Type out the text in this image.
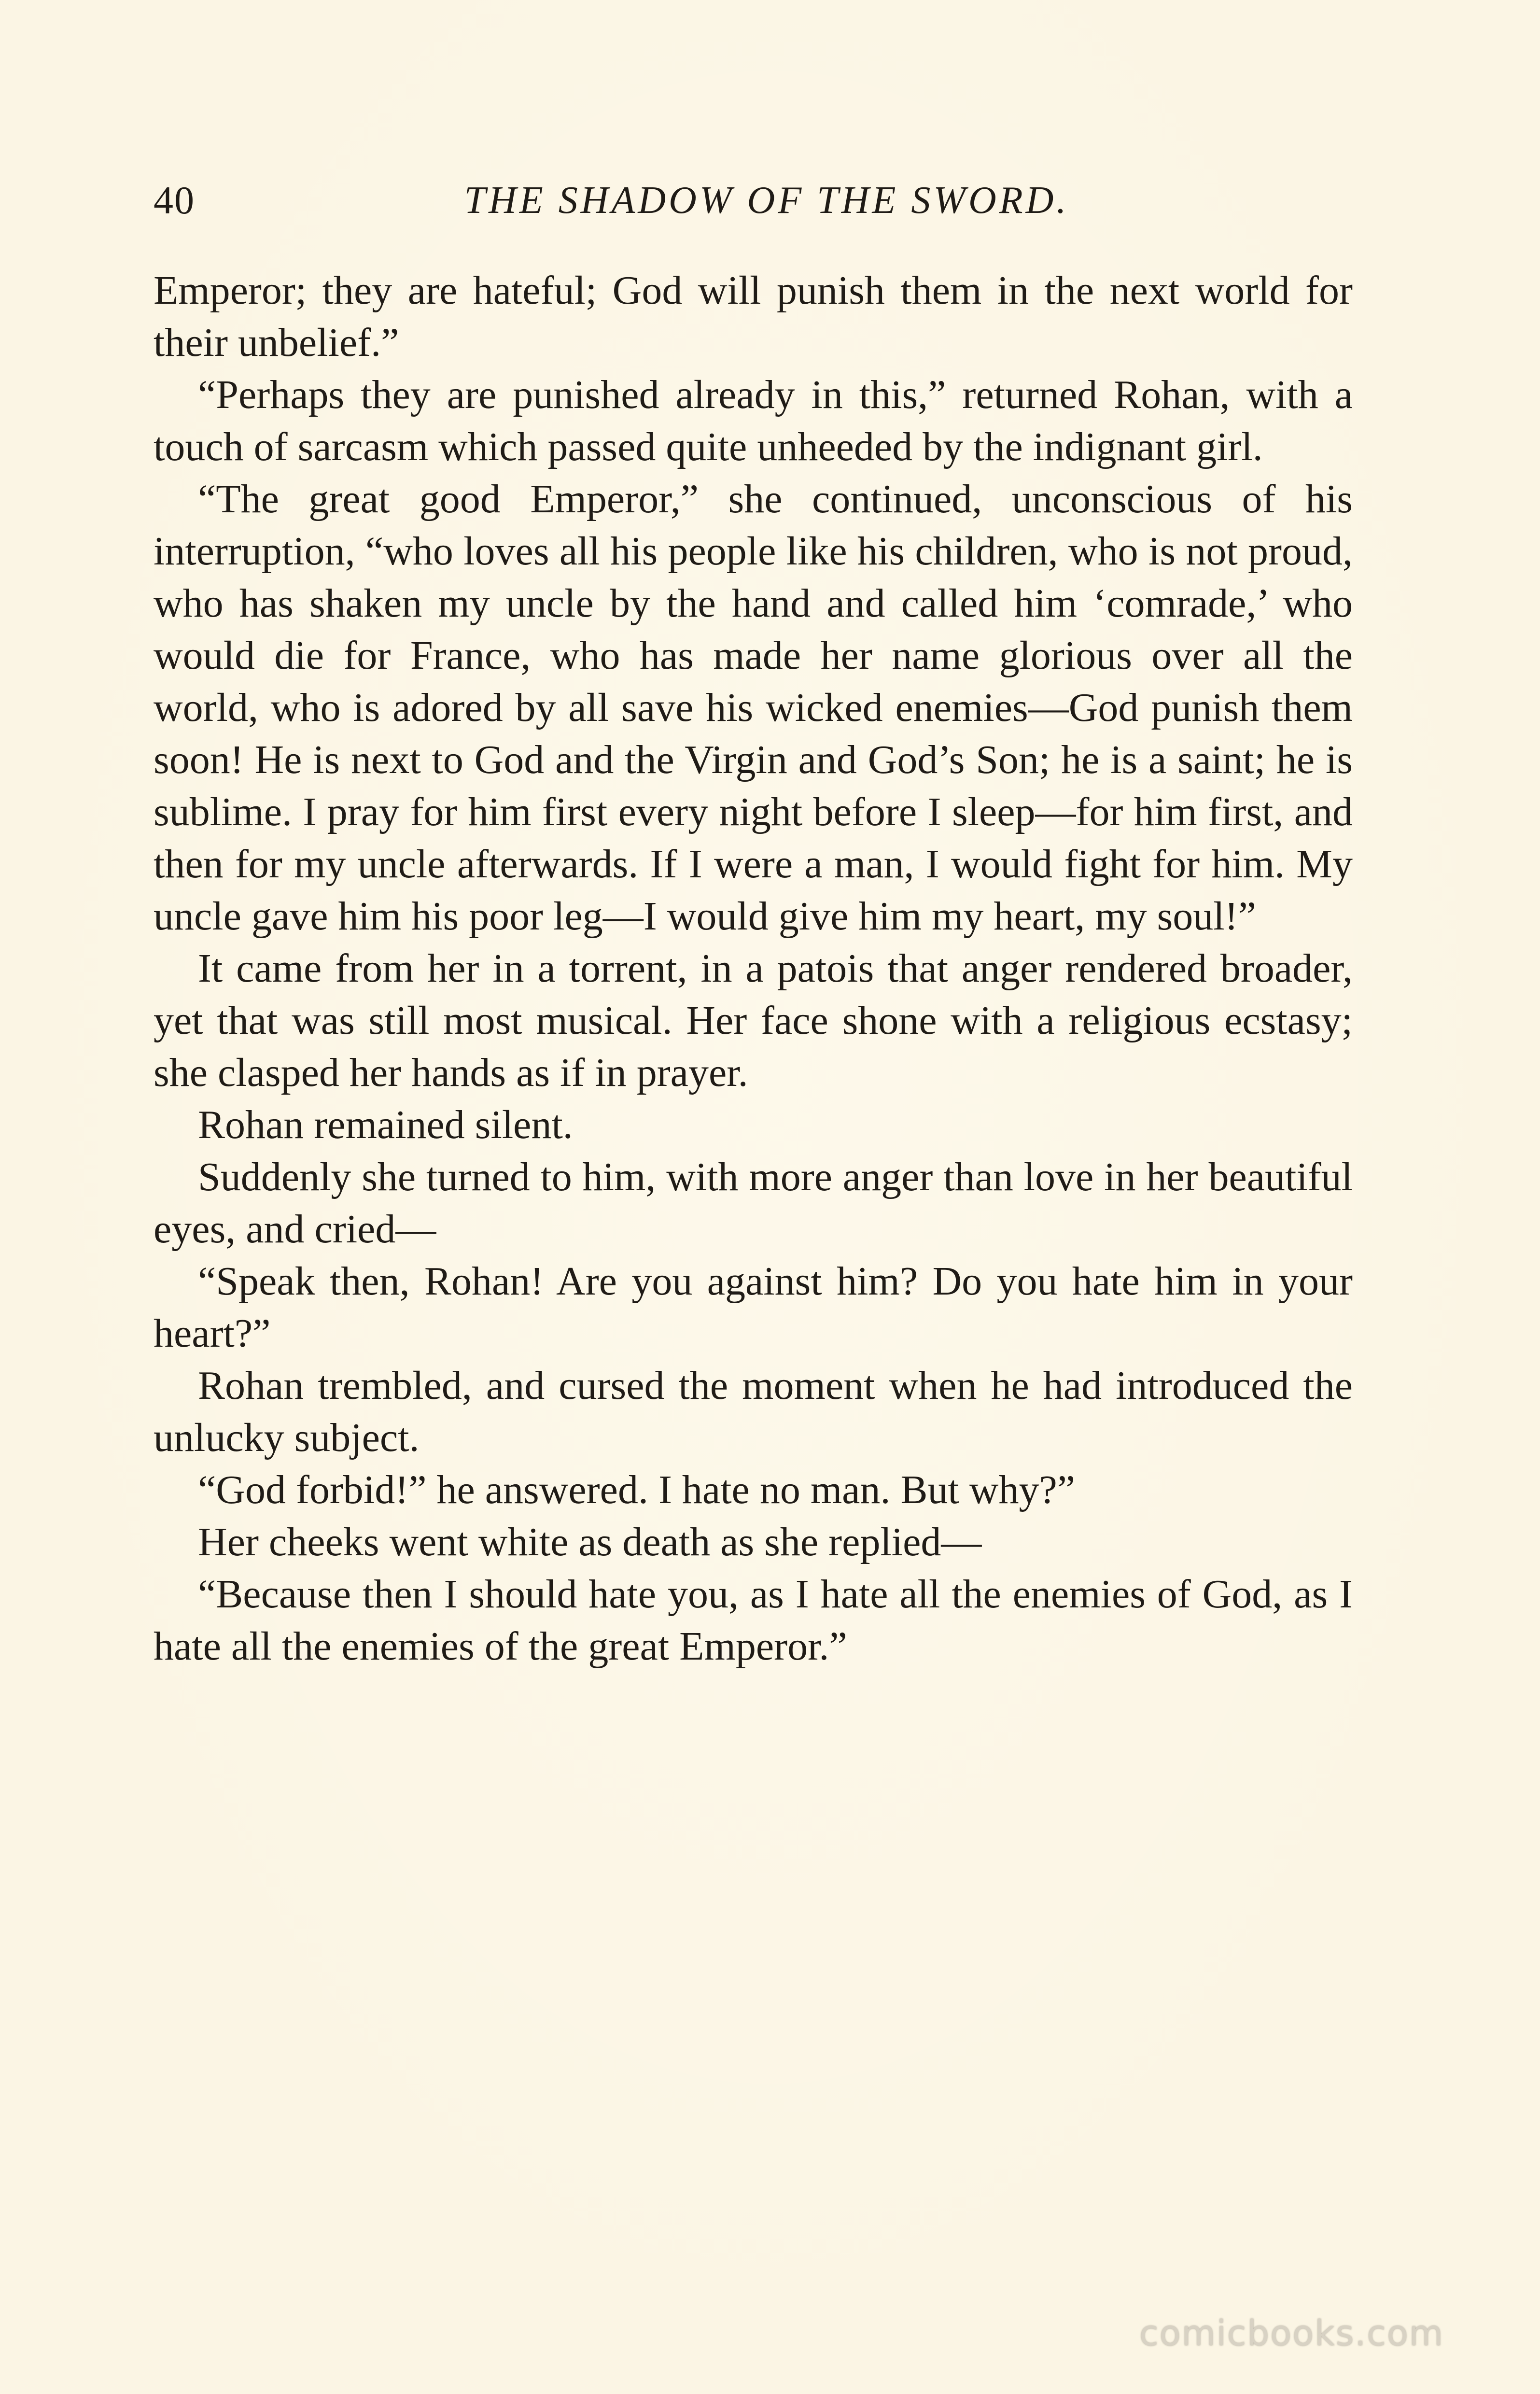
40	THE SHADOW OF THE SWORD.

Emperor; they are hateful; God will punish them in the next world for their unbelief.”

“Perhaps they are punished already in this,” returned Rohan, with a touch of sarcasm which passed quite unheeded by the indignant girl.

“The great good Emperor,” she continued, unconscious of his interruption, “who loves all his people like his children, who is not proud, who has shaken my uncle by the hand and called him ‘comrade,’ who would die for France, who has made her name glorious over all the world, who is adored by all save his wicked enemies—God punish them soon! He is next to God and the Virgin and God’s Son; he is a saint; he is sublime. I pray for him first every night before I sleep—for him first, and then for my uncle afterwards. If I were a man, I would fight for him. My uncle gave him his poor leg—I would give him my heart, my soul!”

It came from her in a torrent, in a patois that anger rendered broader, yet that was still most musical. Her face shone with a religious ecstasy; she clasped her hands as if in prayer.

Rohan remained silent.

Suddenly she turned to him, with more anger than love in her beautiful eyes, and cried—

“Speak then, Rohan! Are you against him? Do you hate him in your heart?”

Rohan trembled, and cursed the moment when he had introduced the unlucky subject.

“God forbid!” he answered. I hate no man. But why?”

Her cheeks went white as death as she replied—

“Because then I should hate you, as I hate all the enemies of God, as I hate all the enemies of the great Emperor.”

comicbooks.com
